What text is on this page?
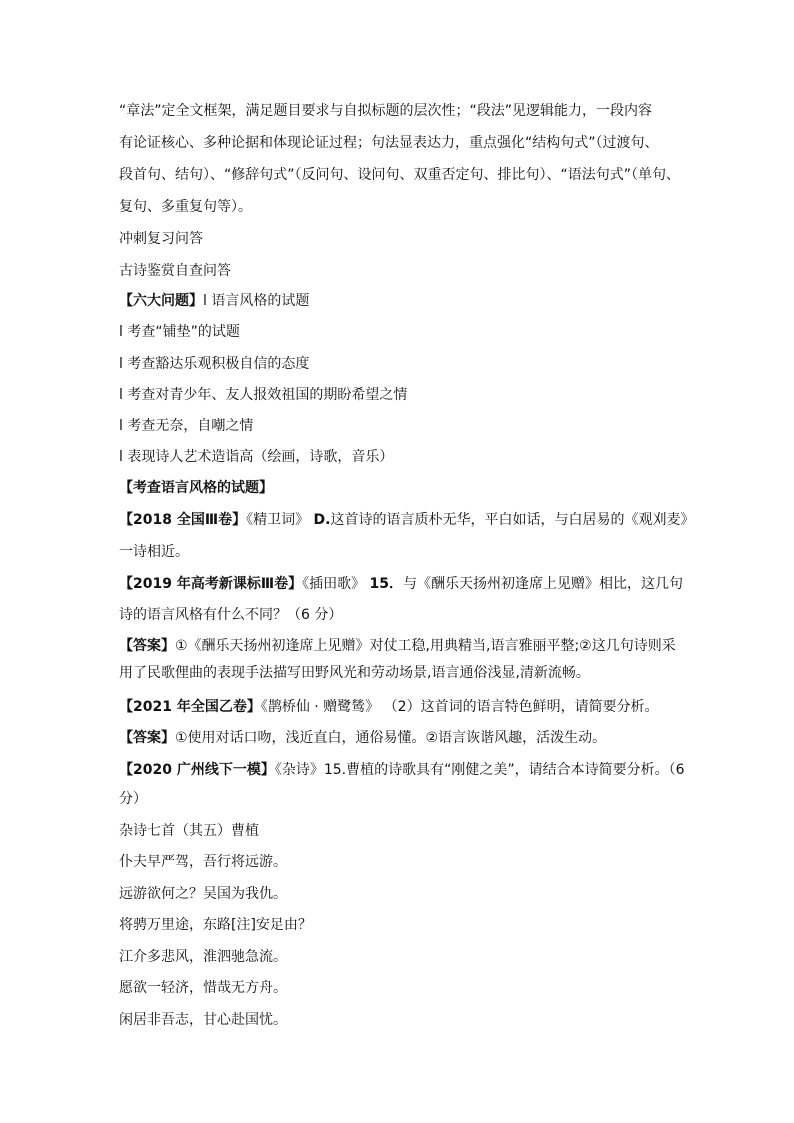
“章法”定全文框架，满足题目要求与自拟标题的层次性；“段法”见逻辑能力，一段内容
有论证核心、多种论据和体现论证过程；句法显表达力，重点强化“结构句式”（过渡句、
段首句、结句）、“修辞句式”（反问句、设问句、双重否定句、排比句）、“语法句式”（单句、
复句、多重复句等）。
冲刺复习问答
古诗鉴赏自查问答
【六大问题】l 语言风格的试题
l 考查“铺垫”的试题
l 考查豁达乐观积极自信的态度
l 考查对青少年、友人报效祖国的期盼希望之情
l 考查无奈，自嘲之情
l 表现诗人艺术造诣高（绘画，诗歌，音乐）
【考查语言风格的试题】
【2018 全国Ⅲ卷】《精卫词》 D.这首诗的语言质朴无华，平白如话，与白居易的《观刈麦》
一诗相近。
【2019 年高考新课标Ⅲ卷】《插田歌》 15．与《酬乐天扬州初逢席上见赠》相比，这几句
诗的语言风格有什么不同？（6 分）
【答案】①《酬乐天扬州初逢席上见赠》对仗工稳,用典精当,语言雅丽平整;②这几句诗则采
用了民歌俚曲的表现手法描写田野风光和劳动场景,语言通俗浅显,清新流畅。
【2021 年全国乙卷】《鹊桥仙 · 赠鹭鸶》 （2）这首词的语言特色鲜明，请简要分析。
【答案】①使用对话口吻，浅近直白，通俗易懂。②语言诙谐风趣，活泼生动。
【2020 广州线下一模】《杂诗》15.曹植的诗歌具有“刚健之美”，请结合本诗简要分析。（6
分）
杂诗七首（其五）曹植
仆夫早严驾，吾行将远游。
远游欲何之？吴国为我仇。
将骋万里途，东路[注]安足由？
江介多悲风，淮泗驰急流。
愿欲一轻济，惜哉无方舟。
闲居非吾志，甘心赴国忧。
